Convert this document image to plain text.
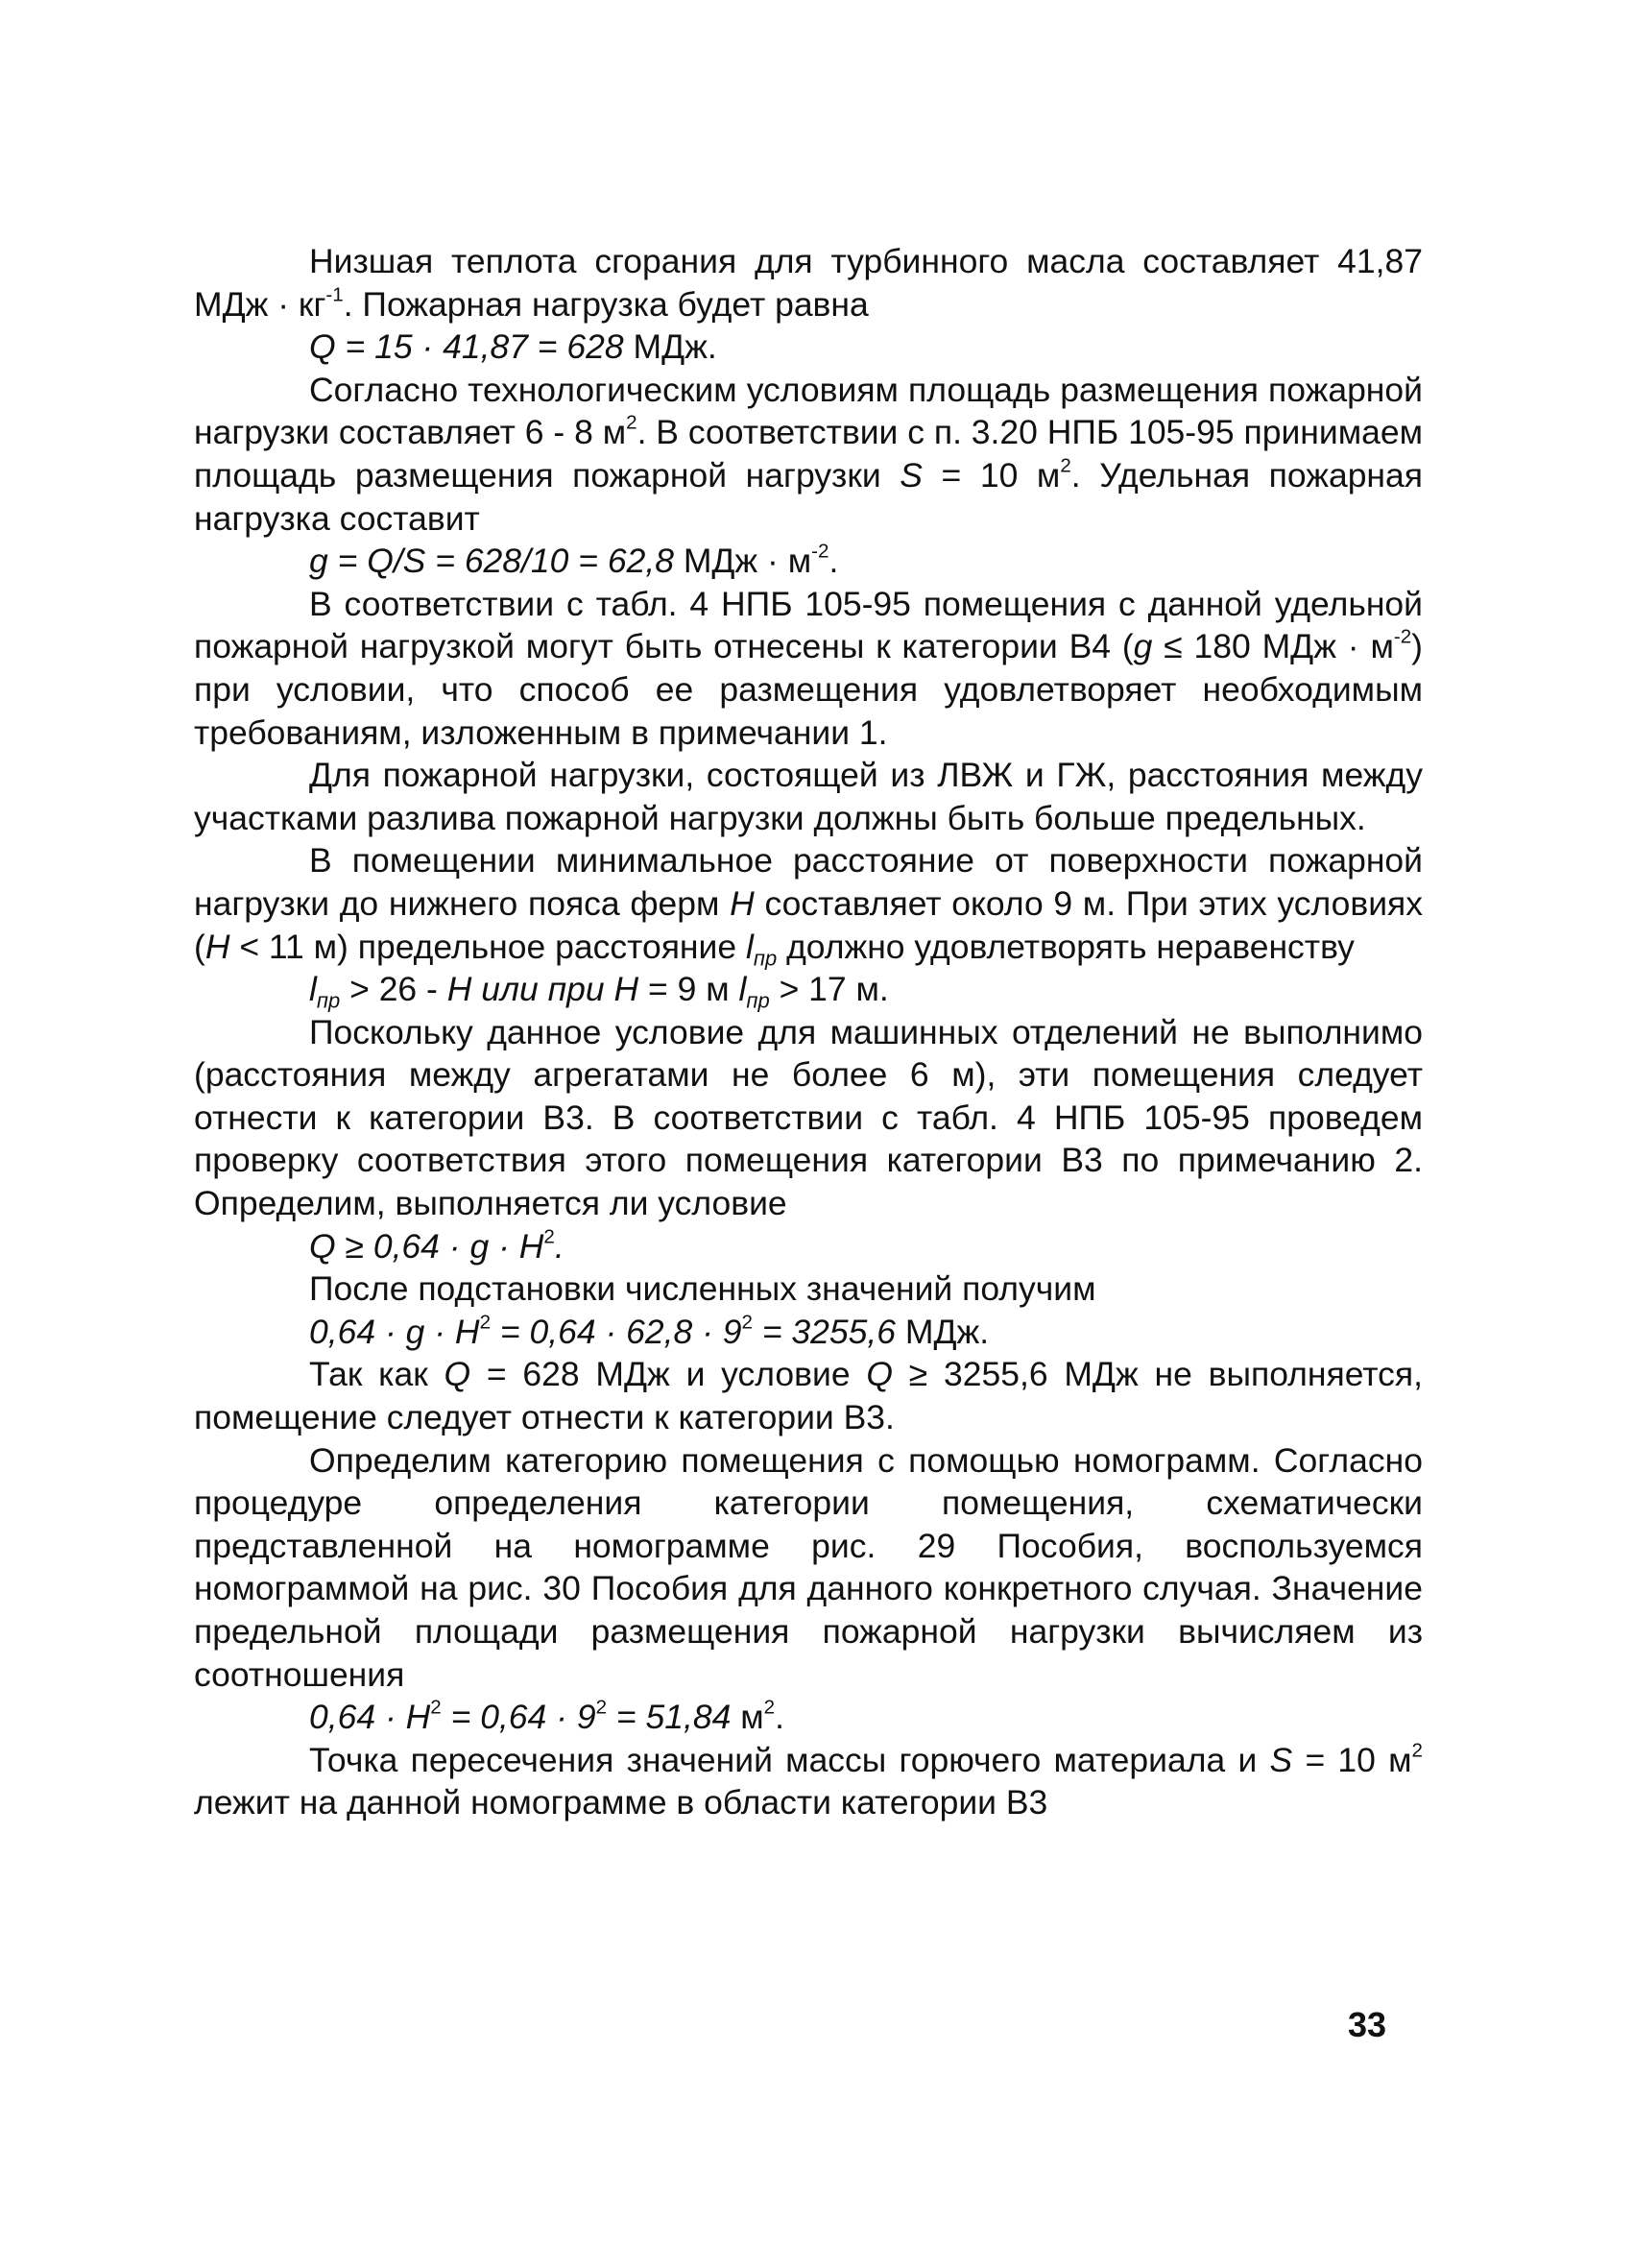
Низшая теплота сгорания для турбинного масла составляет 41,87 МДж · $кг^{-1}$. Пожарная нагрузка будет равна

Q = 15 · 41,87 = 628 МДж.

Согласно технологическим условиям площадь размещения пожарной нагрузки составляет 6 - 8 $м^2$. В соответствии с п. 3.20 НПБ 105-95 принимаем площадь размещения пожарной нагрузки S = 10 $м^2$. Удельная пожарная нагрузка составит

g = Q/S = 628/10 = 62,8 МДж · $м^{-2}$.

В соответствии с табл. 4 НПБ 105-95 помещения с данной удельной пожарной нагрузкой могут быть отнесены к категории В4 (g ≤ 180 МДж · $м^{-2}$) при условии, что способ ее размещения удовлетворяет необходимым требованиям, изложенным в примечании 1.

Для пожарной нагрузки, состоящей из ЛВЖ и ГЖ, расстояния между участками разлива пожарной нагрузки должны быть больше предельных.

В помещении минимальное расстояние от поверхности пожарной нагрузки до нижнего пояса ферм H составляет около 9 м. При этих условиях (H < 11 м) предельное расстояние $l_{пр}$ должно удовлетворять неравенству

$l_{пр} > 26 - H$ или при H = 9 м $l_{пр} > 17$ м.

Поскольку данное условие для машинных отделений не выполнимо (расстояния между агрегатами не более 6 м), эти помещения следует отнести к категории В3. В соответствии с табл. 4 НПБ 105-95 проведем проверку соответствия этого помещения категории В3 по примечанию 2. Определим, выполняется ли условие

$Q \ge 0,64 \cdot g \cdot H^2$.

После подстановки численных значений получим

$0,64 \cdot g \cdot H^2 = 0,64 \cdot 62,8 \cdot 9^2 = 3255,6$ МДж.

Так как Q = 628 МДж и условие Q ≥ 3255,6 МДж не выполняется, помещение следует отнести к категории В3.

Определим категорию помещения с помощью номограмм. Согласно процедуре определения категории помещения, схематически представленной на номограмме рис. 29 Пособия, воспользуемся номограммой на рис. 30 Пособия для данного конкретного случая. Значение предельной площади размещения пожарной нагрузки вычисляем из соотношения

$0,64 \cdot H^2 = 0,64 \cdot 9^2 = 51,84$ $м^2$.

Точка пересечения значений массы горючего материала и S = 10 $м^2$ лежит на данной номограмме в области категории В3

33
